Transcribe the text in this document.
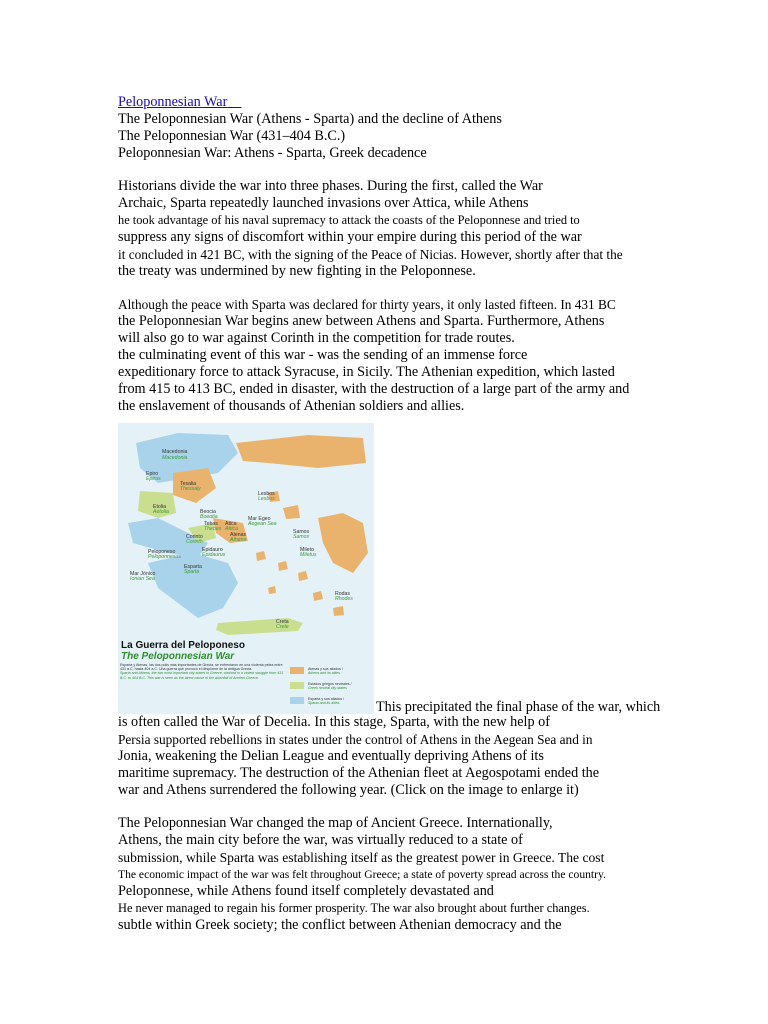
Peloponnesian War
The Peloponnesian War (Athens - Sparta) and the decline of Athens
The Peloponnesian War (431–404 B.C.)
Peloponnesian War: Athens - Sparta, Greek decadence
Historians divide the war into three phases. During the first, called the War
Archaic, Sparta repeatedly launched invasions over Attica, while Athens
he took advantage of his naval supremacy to attack the coasts of the Peloponnese and tried to
suppress any signs of discomfort within your empire during this period of the war
it concluded in 421 BC, with the signing of the Peace of Nicias. However, shortly after that the
the treaty was undermined by new fighting in the Peloponnese.
Although the peace with Sparta was declared for thirty years, it only lasted fifteen. In 431 BC
the Peloponnesian War begins anew between Athens and Sparta. Furthermore, Athens
will also go to war against Corinth in the competition for trade routes.
the culminating event of this war - was the sending of an immense force
expeditionary force to attack Syracuse, in Sicily. The Athenian expedition, which lasted
from 415 to 413 BC, ended in disaster, with the destruction of a large part of the army and
the enslavement of thousands of Athenian soldiers and allies.
Macedonia
Macedonia
Epiro
Epirus
Tesalia
Thessaly
Etolia
Aetolia
Lesbos
Lesbos
Beocia
Boeotia
Tebas
Thebes
Atica
Attica
Atenas
Athens
Mar Egeo
Aegean Sea
Samos
Samos
Mileto
Miletus
Corinto
Corinth
Peloponeso
Peloponnesus
Epidauro
Epidaurus
Esparta
Sparta
Mar Jónico
Ionian Sea
Rodas
Rhodes
Creta
Crete
La Guerra del Peloponeso
The Peloponnesian War
Esparta y Atenas, las dos polis más importantes de Grecia, se enfrentaron en una violenta pelea entre 431 a.C. hasta 404 a.C. Una guerra que provocó el desplome de la antigua Grecia.
Sparta and Athens, the two most important city-states in Greece, clashed in a violent struggle from 431 B.C. to 404 B.C. This war is seen as the direct cause of the downfall of Ancient Greece.
Atenas y sus aliados /
Athens and its allies
Estados griegos neutrales /
Greek neutral city-states
Esparta y sus aliados /
Sparta and its allies	This precipitated the final phase of the war, which
is often called the War of Decelia. In this stage, Sparta, with the new help of
Persia supported rebellions in states under the control of Athens in the Aegean Sea and in
Jonia, weakening the Delian League and eventually depriving Athens of its
maritime supremacy. The destruction of the Athenian fleet at Aegospotami ended the
war and Athens surrendered the following year. (Click on the image to enlarge it)
The Peloponnesian War changed the map of Ancient Greece. Internationally,
Athens, the main city before the war, was virtually reduced to a state of
submission, while Sparta was establishing itself as the greatest power in Greece. The cost
The economic impact of the war was felt throughout Greece; a state of poverty spread across the country.
Peloponnese, while Athens found itself completely devastated and
He never managed to regain his former prosperity. The war also brought about further changes.
subtle within Greek society; the conflict between Athenian democracy and the
